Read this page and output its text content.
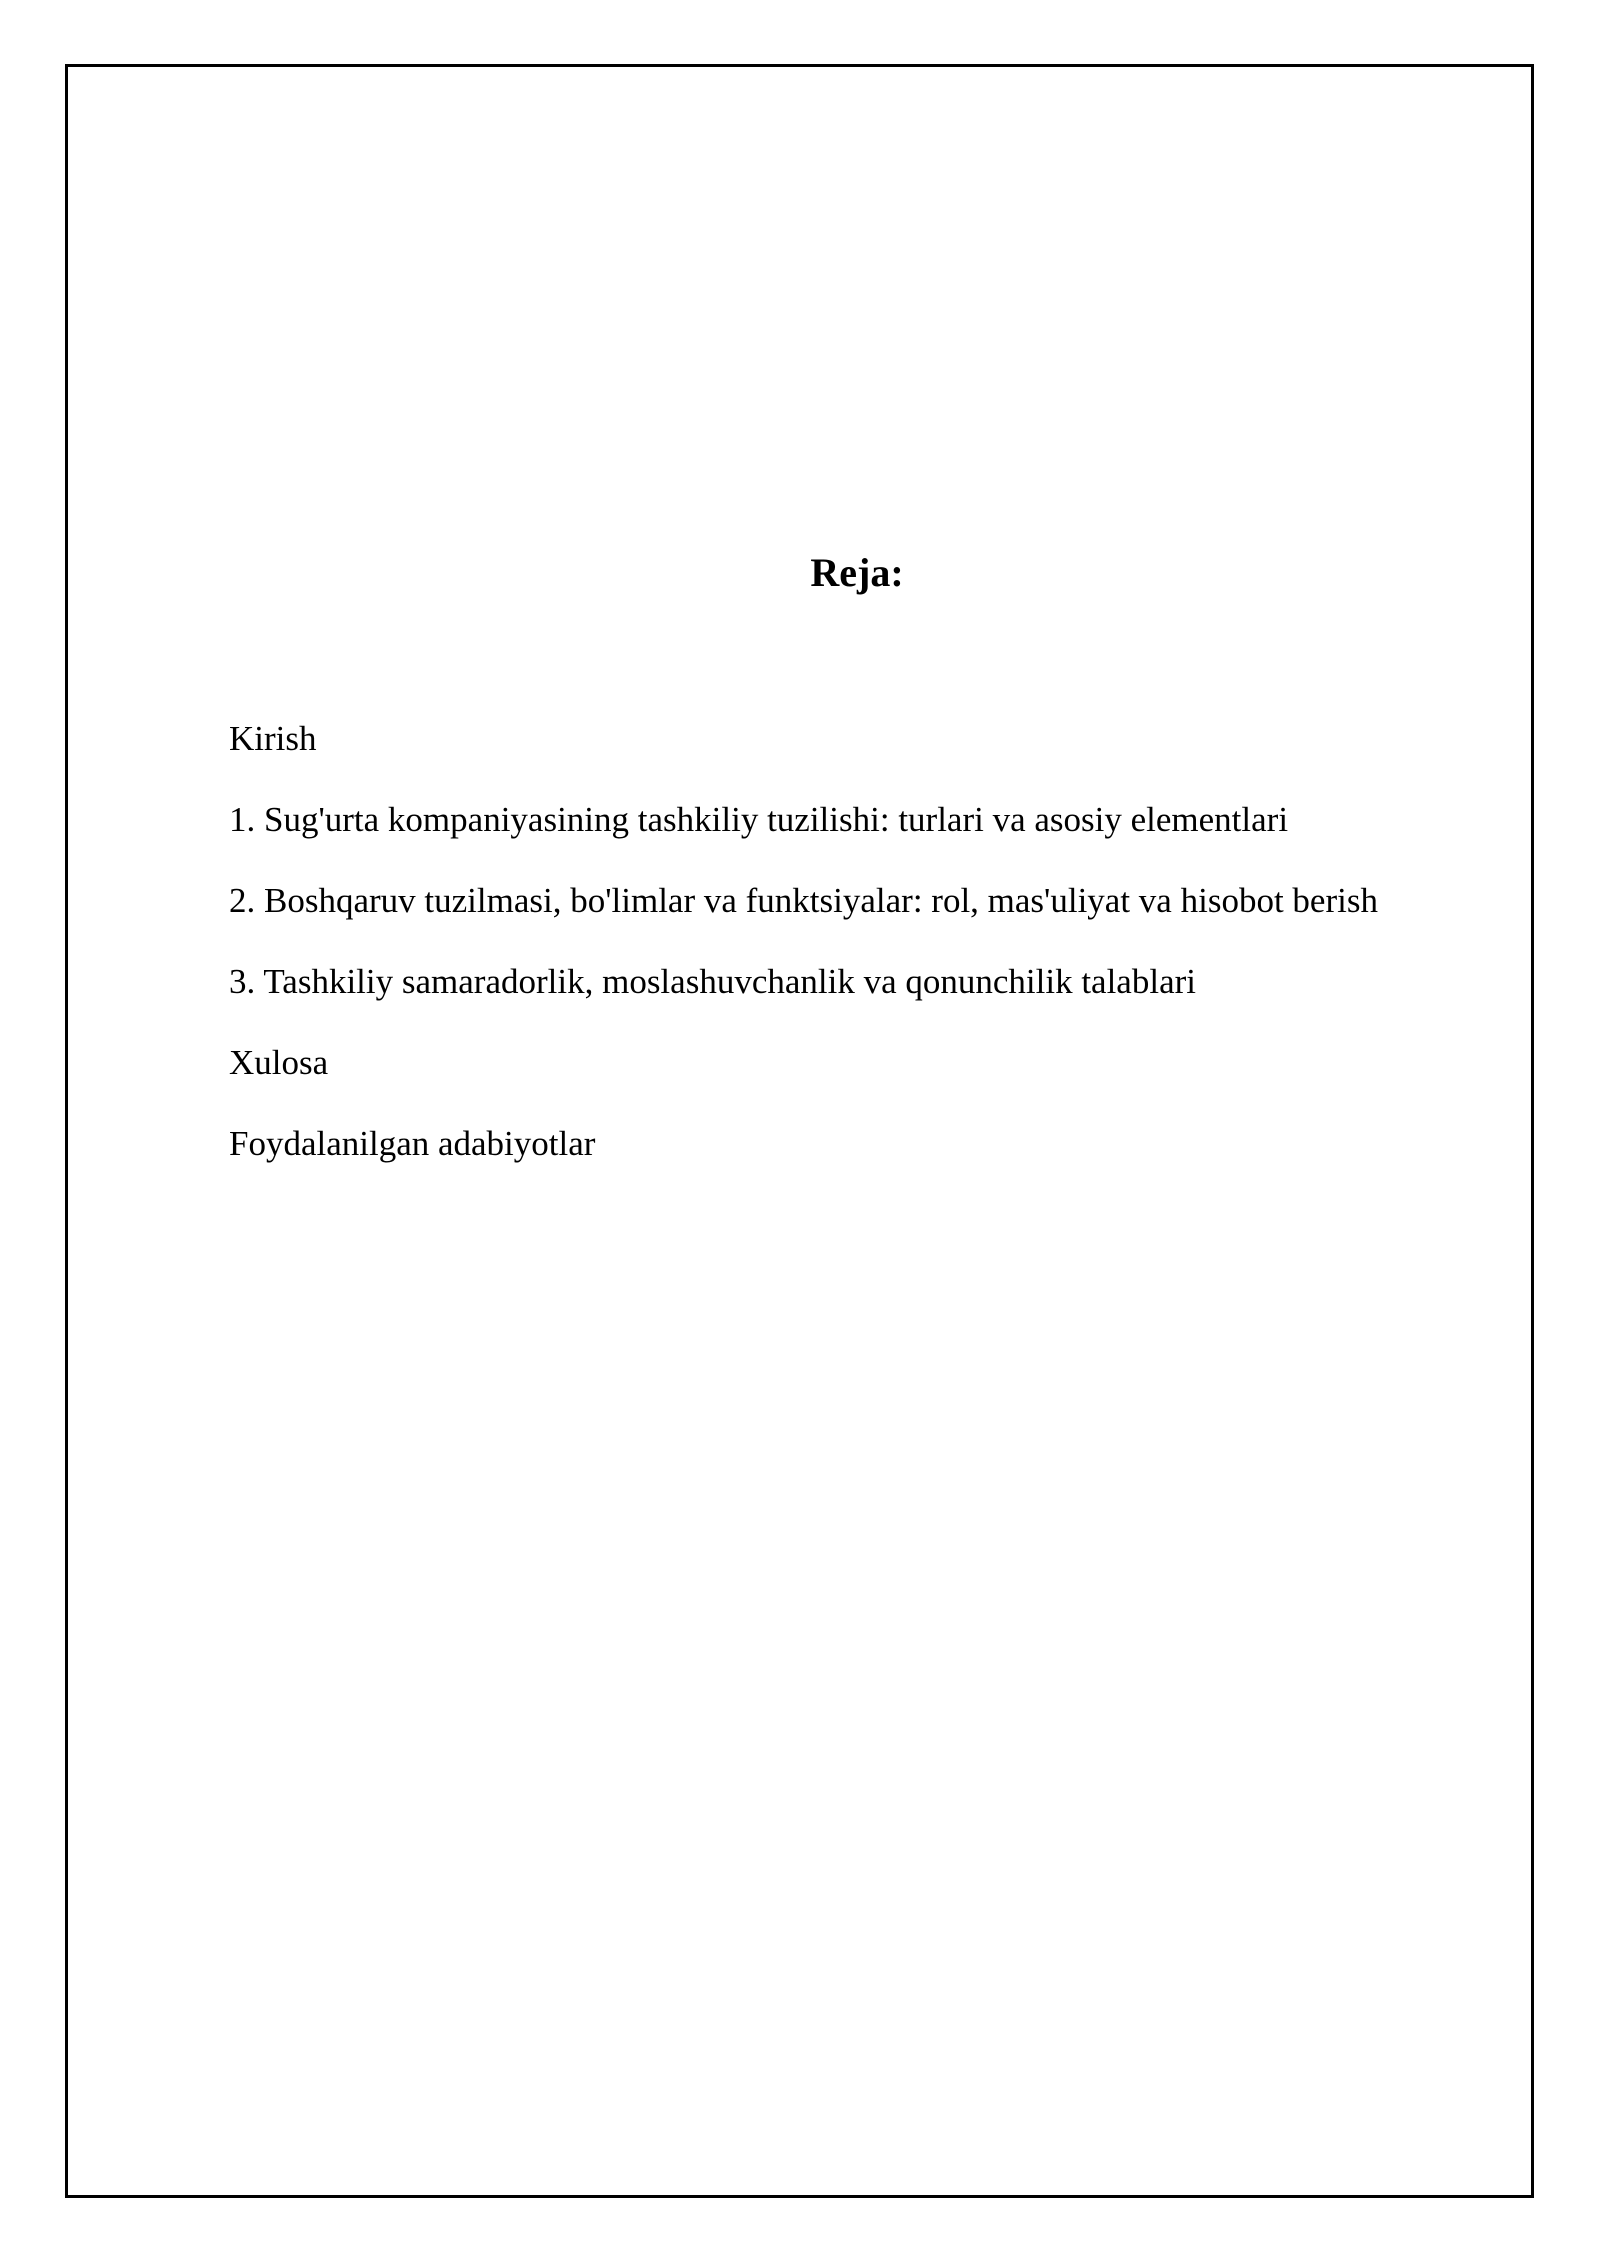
Reja:
Kirish
1. Sug'urta kompaniyasining tashkiliy tuzilishi: turlari va asosiy elementlari
2. Boshqaruv tuzilmasi, bo'limlar va funktsiyalar: rol, mas'uliyat va hisobot berish
3. Tashkiliy samaradorlik, moslashuvchanlik va qonunchilik talablari
Xulosa
Foydalanilgan adabiyotlar
